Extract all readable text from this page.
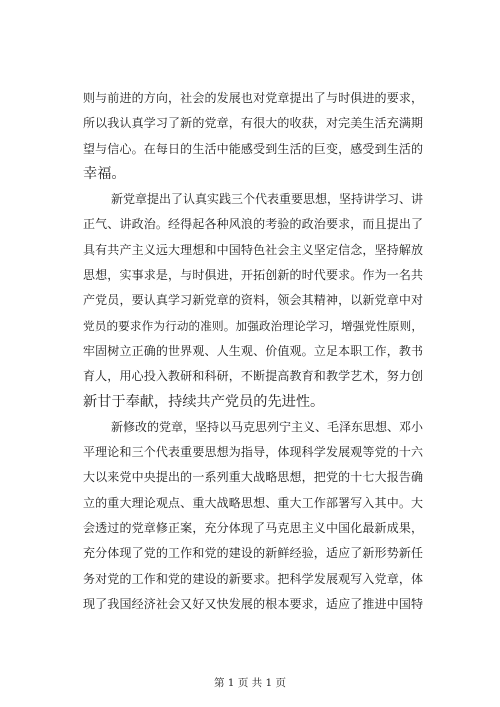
则与前进的方向，社会的发展也对党章提出了与时俱进的要求，
所以我认真学习了新的党章，有很大的收获，对完美生活充满期
望与信心。在每日的生活中能感受到生活的巨变，感受到生活的
幸福。
新党章提出了认真实践三个代表重要思想，坚持讲学习、讲
正气、讲政治。经得起各种风浪的考验的政治要求，而且提出了
具有共产主义远大理想和中国特色社会主义坚定信念，坚持解放
思想，实事求是，与时俱进，开拓创新的时代要求。作为一名共
产党员，要认真学习新党章的资料，领会其精神，以新党章中对
党员的要求作为行动的准则。加强政治理论学习，增强党性原则，
牢固树立正确的世界观、人生观、价值观。立足本职工作，教书
育人，用心投入教研和科研，不断提高教育和教学艺术，努力创
新甘于奉献，持续共产党员的先进性。
新修改的党章，坚持以马克思列宁主义、毛泽东思想、邓小
平理论和三个代表重要思想为指导，体现科学发展观等党的十六
大以来党中央提出的一系列重大战略思想，把党的十七大报告确
立的重大理论观点、重大战略思想、重大工作部署写入其中。大
会透过的党章修正案，充分体现了马克思主义中国化最新成果，
充分体现了党的工作和党的建设的新鲜经验，适应了新形势新任
务对党的工作和党的建设的新要求。把科学发展观写入党章，体
现了我国经济社会又好又快发展的根本要求，适应了推进中国特
第 1 页 共 1 页
